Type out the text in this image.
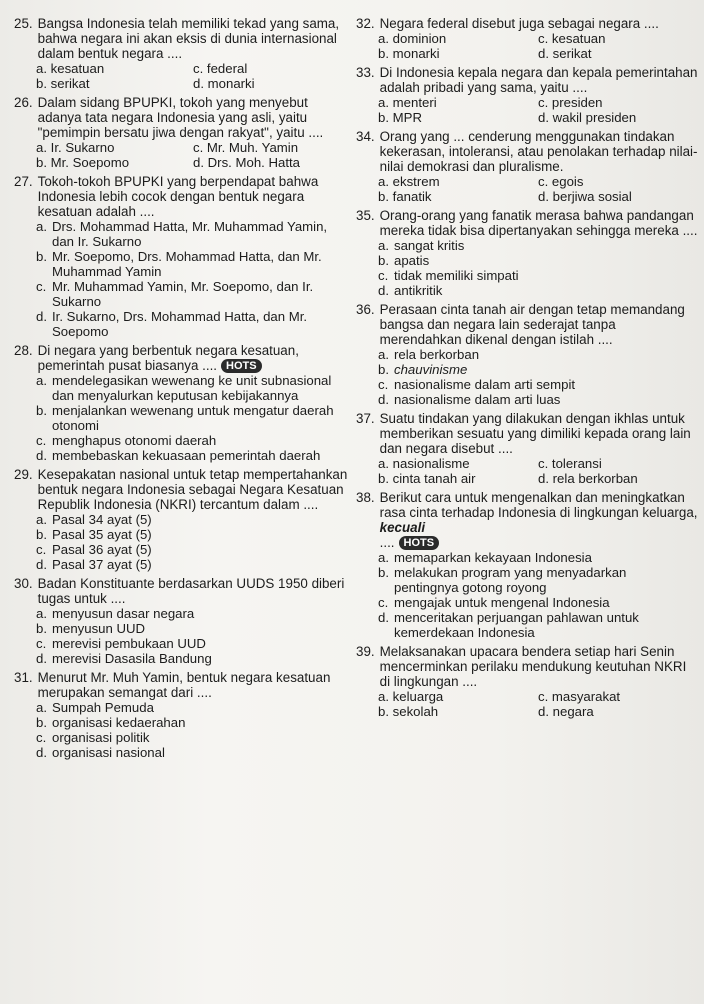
25. Bangsa Indonesia telah memiliki tekad yang sama, bahwa negara ini akan eksis di dunia internasional dalam bentuk negara ....
a. kesatuan	c. federal
b. serikat	d. monarki
26. Dalam sidang BPUPKI, tokoh yang menyebut adanya tata negara Indonesia yang asli, yaitu "pemimpin bersatu jiwa dengan rakyat", yaitu ....
a. Ir. Sukarno	c. Mr. Muh. Yamin
b. Mr. Soepomo	d. Drs. Moh. Hatta
27. Tokoh-tokoh BPUPKI yang berpendapat bahwa Indonesia lebih cocok dengan bentuk negara kesatuan adalah ....
a. Drs. Mohammad Hatta, Mr. Muhammad Yamin, dan Ir. Sukarno
b. Mr. Soepomo, Drs. Mohammad Hatta, dan Mr. Muhammad Yamin
c. Mr. Muhammad Yamin, Mr. Soepomo, dan Ir. Sukarno
d. Ir. Sukarno, Drs. Mohammad Hatta, dan Mr. Soepomo
28. Di negara yang berbentuk negara kesatuan, pemerintah pusat biasanya .... HOTS
a. mendelegasikan wewenang ke unit subnasional dan menyalurkan keputusan kebijakannya
b. menjalankan wewenang untuk mengatur daerah otonomi
c. menghapus otonomi daerah
d. membebaskan kekuasaan pemerintah daerah
29. Kesepakatan nasional untuk tetap mempertahankan bentuk negara Indonesia sebagai Negara Kesatuan Republik Indonesia (NKRI) tercantum dalam ....
a. Pasal 34 ayat (5)
b. Pasal 35 ayat (5)
c. Pasal 36 ayat (5)
d. Pasal 37 ayat (5)
30. Badan Konstituante berdasarkan UUDS 1950 diberi tugas untuk ....
a. menyusun dasar negara
b. menyusun UUD
c. merevisi pembukaan UUD
d. merevisi Dasasila Bandung
31. Menurut Mr. Muh Yamin, bentuk negara kesatuan merupakan semangat dari ....
a. Sumpah Pemuda
b. organisasi kedaerahan
c. organisasi politik
d. organisasi nasional
32. Negara federal disebut juga sebagai negara ....
a. dominion	c. kesatuan
b. monarki	d. serikat
33. Di Indonesia kepala negara dan kepala pemerintahan adalah pribadi yang sama, yaitu ....
a. menteri	c. presiden
b. MPR	d. wakil presiden
34. Orang yang ... cenderung menggunakan tindakan kekerasan, intoleransi, atau penolakan terhadap nilai-nilai demokrasi dan pluralisme.
a. ekstrem	c. egois
b. fanatik	d. berjiwa sosial
35. Orang-orang yang fanatik merasa bahwa pandangan mereka tidak bisa dipertanyakan sehingga mereka ....
a. sangat kritis
b. apatis
c. tidak memiliki simpati
d. antikritik
36. Perasaan cinta tanah air dengan tetap memandang bangsa dan negara lain sederajat tanpa merendahkan dikenal dengan istilah ....
a. rela berkorban
b. chauvinisme
c. nasionalisme dalam arti sempit
d. nasionalisme dalam arti luas
37. Suatu tindakan yang dilakukan dengan ikhlas untuk memberikan sesuatu yang dimiliki kepada orang lain dan negara disebut ....
a. nasionalisme	c. toleransi
b. cinta tanah air	d. rela berkorban
38. Berikut cara untuk mengenalkan dan meningkatkan rasa cinta terhadap Indonesia di lingkungan keluarga, kecuali
.... HOTS
a. memaparkan kekayaan Indonesia
b. melakukan program yang menyadarkan pentingnya gotong royong
c. mengajak untuk mengenal Indonesia
d. menceritakan perjuangan pahlawan untuk kemerdekaan Indonesia
39. Melaksanakan upacara bendera setiap hari Senin mencerminkan perilaku mendukung keutuhan NKRI di lingkungan ....
a. keluarga	c. masyarakat
b. sekolah	d. negara
